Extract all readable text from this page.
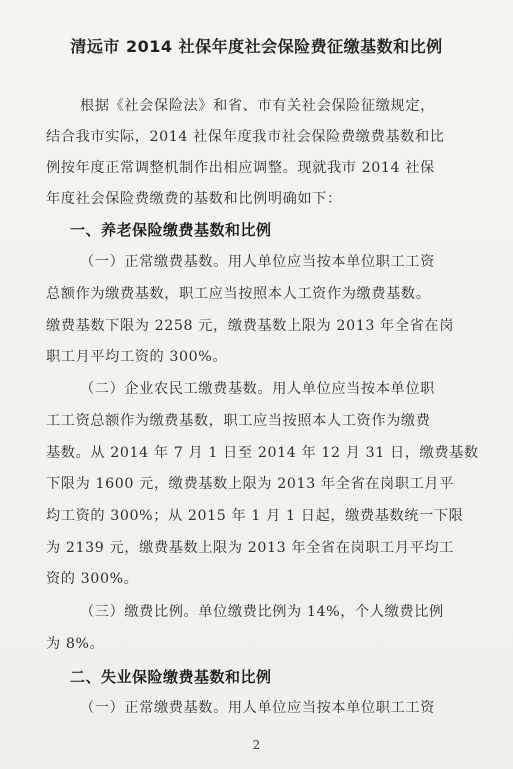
清远市 2014 社保年度社会保险费征缴基数和比例
根据《社会保险法》和省、市有关社会保险征缴规定，
结合我市实际，2014 社保年度我市社会保险费缴费基数和比
例按年度正常调整机制作出相应调整。现就我市 2014 社保
年度社会保险费缴费的基数和比例明确如下：
一、养老保险缴费基数和比例
（一）正常缴费基数。用人单位应当按本单位职工工资
总额作为缴费基数，职工应当按照本人工资作为缴费基数。
缴费基数下限为 2258 元，缴费基数上限为 2013 年全省在岗
职工月平均工资的 300%。
（二）企业农民工缴费基数。用人单位应当按本单位职
工工资总额作为缴费基数，职工应当按照本人工资作为缴费
基数。从 2014 年 7 月 1 日至 2014 年 12 月 31 日，缴费基数
下限为 1600 元，缴费基数上限为 2013 年全省在岗职工月平
均工资的 300%；从 2015 年 1 月 1 日起，缴费基数统一下限
为 2139 元，缴费基数上限为 2013 年全省在岗职工月平均工
资的 300%。
（三）缴费比例。单位缴费比例为 14%，个人缴费比例
为 8%。
二、失业保险缴费基数和比例
（一）正常缴费基数。用人单位应当按本单位职工工资
2
